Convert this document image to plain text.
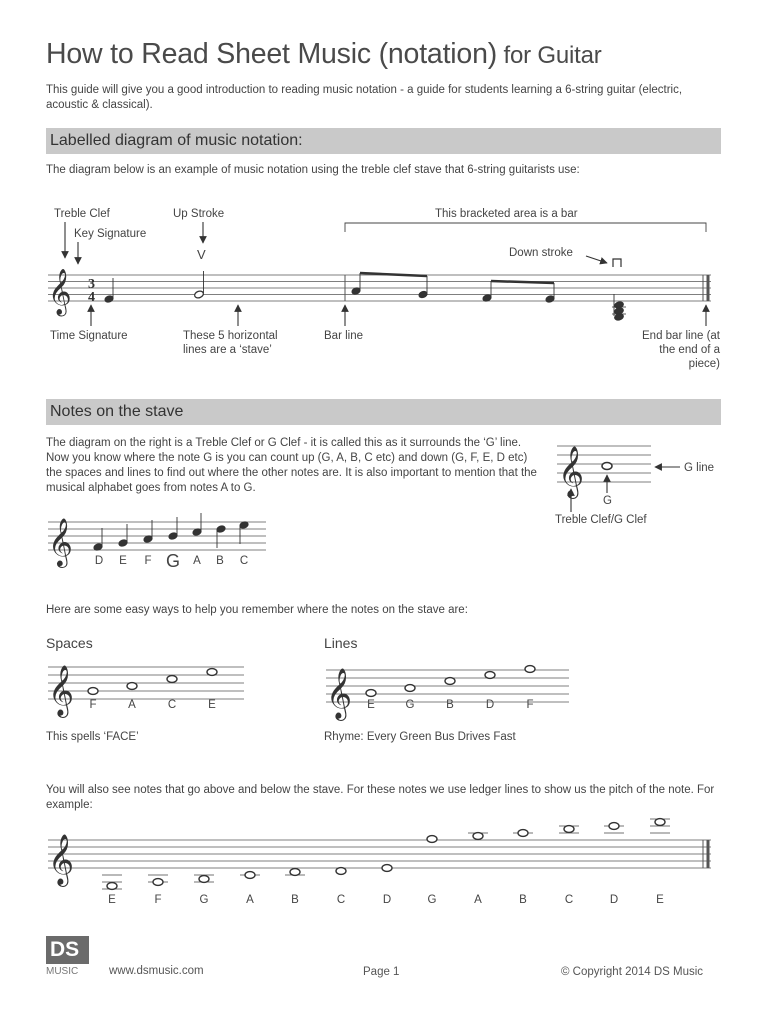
How to Read Sheet Music (notation) for Guitar
This guide will give you a good introduction to reading music notation - a guide for students learning a 6-string guitar (electric, acoustic & classical).
Labelled diagram of music notation:
The diagram below is an example of music notation using the treble clef stave that 6-string guitarists use:
Treble Clef
Key Signature
Up Stroke	This bracketed area is a bar
Down stroke
Time Signature	These 5 horizontal lines are a ‘stave’
Bar line	End bar line (at the end of a piece)
V
Notes on the stave
The diagram on the right is a Treble Clef or G Clef - it is called this as it surrounds the ‘G’ line. Now you know where the note G is you can count up (G, A, B, C etc) and down (G, F, E, D etc) the spaces and lines to find out where the other notes are. It is also important to mention that the musical alphabet goes from notes A to G.
G line
G
Treble Clef/G Clef
D E F G A B C
Here are some easy ways to help you remember where the notes on the stave are:
Spaces	Lines
F	A	C	E	E	G	B	D	F
This spells ‘FACE’	Rhyme: Every Green Bus Drives Fast
You will also see notes that go above and below the stave. For these notes we use ledger lines to show us the pitch of the note. For example:
E	F	G	A	B	C	D	G	A	B	C	D	E
DS
MUSIC	www.dsmusic.com	Page 1	© Copyright 2014 DS Music
𝄞 3
4
𝄞
𝄞
𝄞	𝄞
𝄞
